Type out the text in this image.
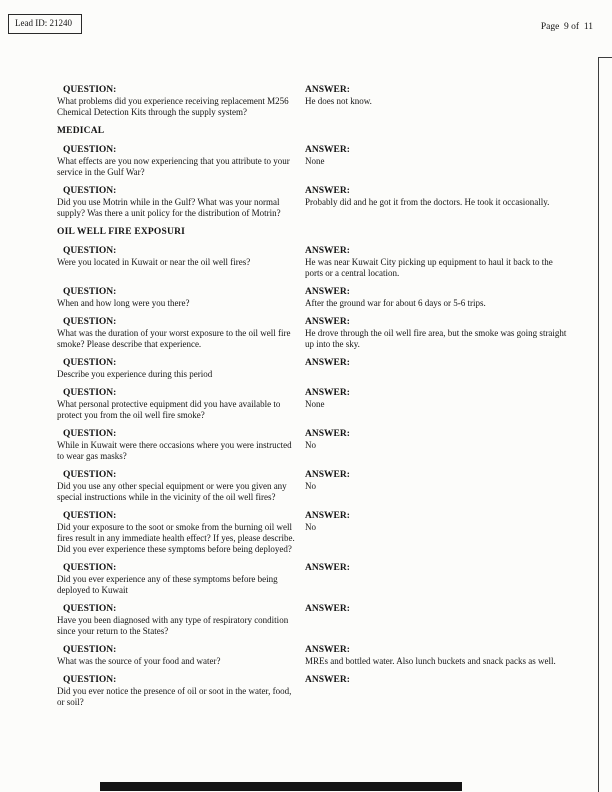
Lead ID: 21240	Page  9 of  11
QUESTION:
What problems did you experience receiving replacement M256 Chemical Detection Kits through the supply system?
ANSWER:
He does not know.
MEDICAL
QUESTION:
What effects are you now experiencing that you attribute to your service in the Gulf War?
ANSWER:
None
QUESTION:
Did you use Motrin while in the Gulf? What was your normal supply? Was there a unit policy for the distribution of Motrin?
ANSWER:
Probably did and he got it from the doctors. He took it occasionally.
OIL WELL FIRE EXPOSURI
QUESTION:
Were you located in Kuwait or near the oil well fires?
ANSWER:
He was near Kuwait City picking up equipment to haul it back to the ports or a central location.
QUESTION:
When and how long were you there?
ANSWER:
After the ground war for about 6 days or 5-6 trips.
QUESTION:
What was the duration of your worst exposure to the oil well fire smoke? Please describe that experience.
ANSWER:
He drove through the oil well fire area, but the smoke was going straight up into the sky.
QUESTION:
Describe you experience during this period
ANSWER:
QUESTION:
What personal protective equipment did you have available to protect you from the oil well fire smoke?
ANSWER:
None
QUESTION:
While in Kuwait were there occasions where you were instructed to wear gas masks?
ANSWER:
No
QUESTION:
Did you use any other special equipment or were you given any special instructions while in the vicinity of the oil well fires?
ANSWER:
No
QUESTION:
Did your exposure to the soot or smoke from the burning oil well fires result in any immediate health effect? If yes, please describe. Did you ever experience these symptoms before being deployed?
ANSWER:
No
QUESTION:
Did you ever experience any of these symptoms before being deployed to Kuwait
ANSWER:
QUESTION:
Have you been diagnosed with any type of respiratory condition since your return to the States?
ANSWER:
QUESTION:
What was the source of your food and water?
ANSWER:
MREs and bottled water. Also lunch buckets and snack packs as well.
QUESTION:
Did you ever notice the presence of oil or soot in the water, food, or soil?
ANSWER:
